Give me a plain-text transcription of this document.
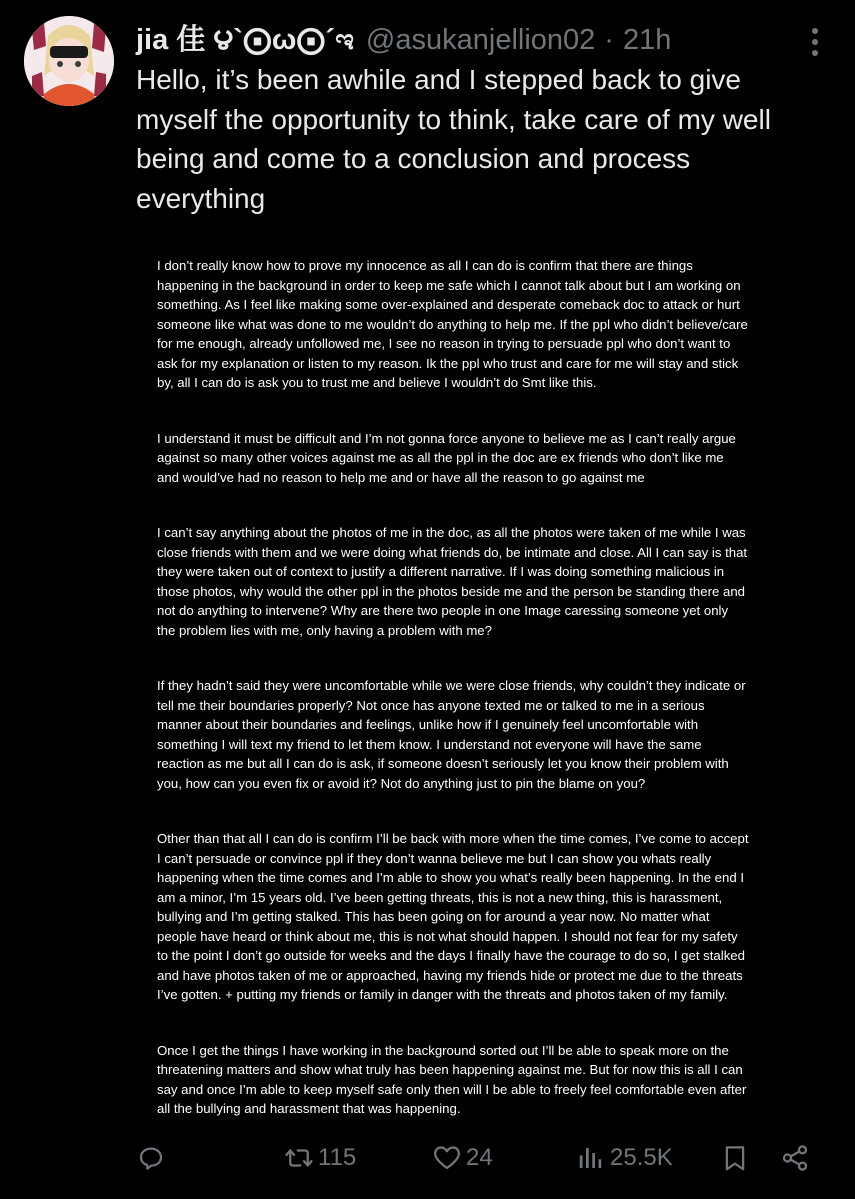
jia 佳 ౪`⨀ω⨀´ಇ @asukanjellion02 · 21h
Hello, it’s been awhile and I stepped back to give myself the opportunity to think, take care of my well being and come to a conclusion and process everything

I don’t really know how to prove my innocence as all I can do is confirm that there are things
happening in the background in order to keep me safe which I cannot talk about but I am working on
something. As I feel like making some over-explained and desperate comeback doc to attack or hurt
someone like what was done to me wouldn’t do anything to help me. If the ppl who didn’t believe/care
for me enough, already unfollowed me, I see no reason in trying to persuade ppl who don’t want to
ask for my explanation or listen to my reason. Ik the ppl who trust and care for me will stay and stick
by, all I can do is ask you to trust me and believe I wouldn’t do Smt like this.

I understand it must be difficult and I’m not gonna force anyone to believe me as I can’t really argue
against so many other voices against me as all the ppl in the doc are ex friends who don’t like me
and would’ve had no reason to help me and or have all the reason to go against me

I can’t say anything about the photos of me in the doc, as all the photos were taken of me while I was
close friends with them and we were doing what friends do, be intimate and close. All I can say is that
they were taken out of context to justify a different narrative. If I was doing something malicious in
those photos, why would the other ppl in the photos beside me and the person be standing there and
not do anything to intervene? Why are there two people in one Image caressing someone yet only
the problem lies with me, only having a problem with me?

If they hadn’t said they were uncomfortable while we were close friends, why couldn’t they indicate or
tell me their boundaries properly? Not once has anyone texted me or talked to me in a serious
manner about their boundaries and feelings, unlike how if I genuinely feel uncomfortable with
something I will text my friend to let them know. I understand not everyone will have the same
reaction as me but all I can do is ask, if someone doesn’t seriously let you know their problem with
you, how can you even fix or avoid it? Not do anything just to pin the blame on you?

Other than that all I can do is confirm I’ll be back with more when the time comes, I’ve come to accept
I can’t persuade or convince ppl if they don’t wanna believe me but I can show you whats really
happening when the time comes and I’m able to show you what’s really been happening. In the end I
am a minor, I’m 15 years old. I’ve been getting threats, this is not a new thing, this is harassment,
bullying and I’m getting stalked. This has been going on for around a year now. No matter what
people have heard or think about me, this is not what should happen. I should not fear for my safety
to the point I don’t go outside for weeks and the days I finally have the courage to do so, I get stalked
and have photos taken of me or approached, having my friends hide or protect me due to the threats
I’ve gotten. + putting my friends or family in danger with the threats and photos taken of my family.

Once I get the things I have working in the background sorted out I’ll be able to speak more on the
threatening matters and show what truly has been happening against me. But for now this is all I can
say and once I’m able to keep myself safe only then will I be able to freely feel comfortable even after
all the bullying and harassment that was happening.

115	24	25.5K
